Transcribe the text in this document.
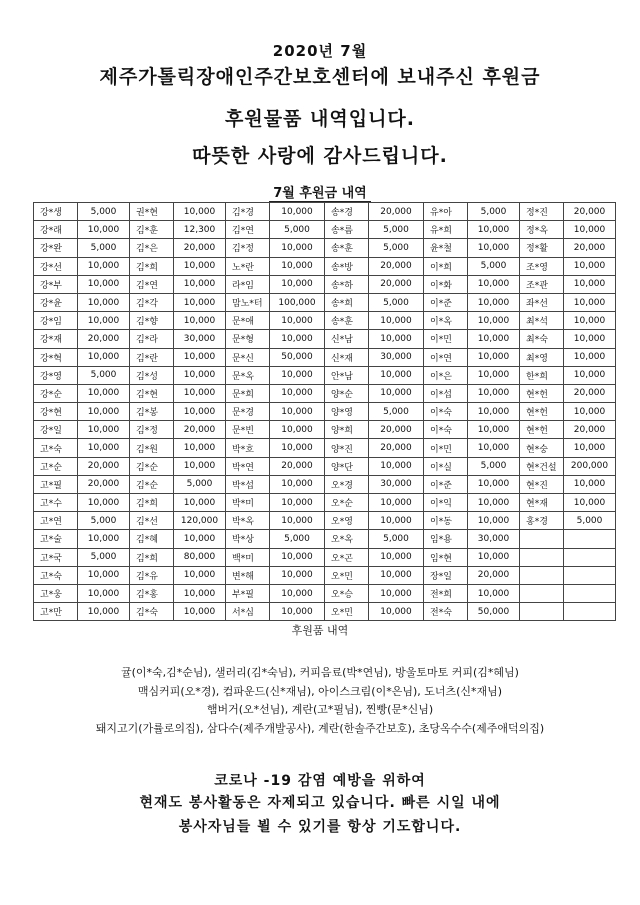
2020년 7월
제주가톨릭장애인주간보호센터에 보내주신 후원금
후원물품 내역입니다.
따뜻한 사랑에 감사드립니다.
7월 후원금 내역
강*생	5,000	권*현	10,000	김*경	10,000	송*경	20,000	유*아	5,000	정*진	20,000
강*래	10,000	김*훈	12,300	김*연	5,000	송*름	5,000	유*희	10,000	정*옥	10,000
강*완	5,000	김*은	20,000	김*정	10,000	송*훈	5,000	윤*철	10,000	정*활	20,000
강*선	10,000	김*희	10,000	노*란	10,000	송*방	20,000	이*희	5,000	조*영	10,000
강*부	10,000	김*연	10,000	라*임	10,000	송*하	20,000	이*화	10,000	조*관	10,000
강*윤	10,000	김*각	10,000	맘노*터	100,000	송*희	5,000	이*준	10,000	좌*선	10,000
강*임	10,000	김*향	10,000	문*애	10,000	송*훈	10,000	이*옥	10,000	최*석	10,000
강*재	20,000	김*라	30,000	문*형	10,000	신*남	10,000	이*민	10,000	최*숙	10,000
강*혁	10,000	김*란	10,000	문*신	50,000	신*재	30,000	이*연	10,000	최*영	10,000
강*영	5,000	김*성	10,000	문*옥	10,000	안*남	10,000	이*은	10,000	한*희	10,000
강*순	10,000	김*현	10,000	문*희	10,000	양*순	10,000	이*섭	10,000	현*헌	20,000
강*현	10,000	김*봉	10,000	문*경	10,000	양*영	5,000	이*숙	10,000	현*헌	10,000
강*일	10,000	김*정	20,000	문*빈	10,000	양*희	20,000	이*숙	10,000	현*헌	20,000
고*숙	10,000	김*원	10,000	박*흐	10,000	양*진	20,000	이*민	10,000	현*숭	10,000
고*순	20,000	김*순	10,000	박*연	20,000	양*단	10,000	이*실	5,000	현*건설	200,000
고*필	20,000	김*순	5,000	박*섭	10,000	오*경	30,000	이*준	10,000	현*진	10,000
고*수	10,000	김*희	10,000	박*미	10,000	오*순	10,000	이*익	10,000	현*재	10,000
고*연	5,000	김*선	120,000	박*옥	10,000	오*영	10,000	이*동	10,000	홍*경	5,000
고*술	10,000	김*혜	10,000	박*상	5,000	오*옥	5,000	임*용	30,000		
고*국	5,000	김*희	80,000	백*미	10,000	오*곤	10,000	임*현	10,000		
고*숙	10,000	김*유	10,000	변*해	10,000	오*민	10,000	장*일	20,000		
고*웅	10,000	김*홍	10,000	부*필	10,000	오*승	10,000	전*희	10,000		
고*만	10,000	김*숙	10,000	서*심	10,000	오*민	10,000	전*숙	50,000		
후원품 내역
귤(이*숙,김*순님), 샐러리(김*숙님), 커피음료(박*연님), 방울토마토 커피(김*혜님)
맥심커피(오*경), 컴파운드(신*재님), 아이스크림(이*은님), 도너츠(신*재님)
햄버거(오*선님), 계란(고*필님), 찐빵(문*신님)
돼지고기(가률로의집), 삼다수(제주개발공사), 계란(한솔주간보호), 초당옥수수(제주애덕의집)
코로나 -19 감염 예방을 위하여
현재도 봉사활동은 자제되고 있습니다. 빠른 시일 내에
봉사자님들 뵐 수 있기를 항상 기도합니다.
